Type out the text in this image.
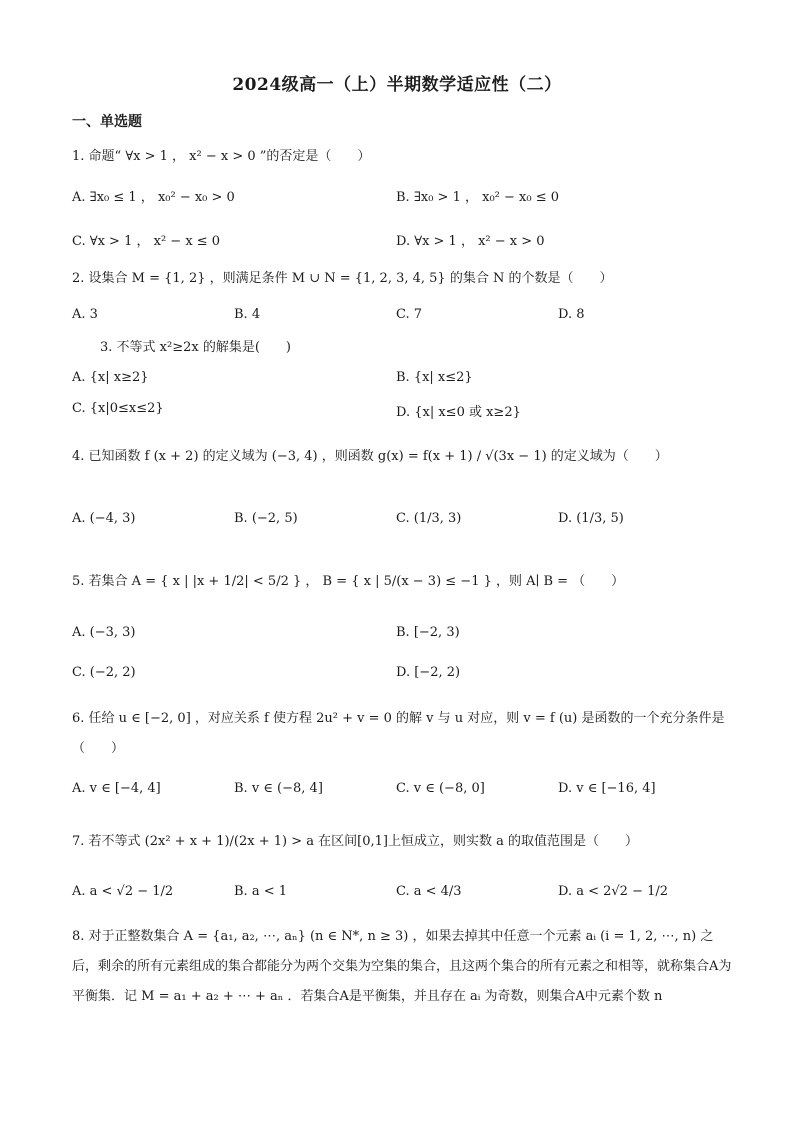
2024级高一（上）半期数学适应性（二）
一、单选题
1. 命题“ ∀x > 1 ， x² − x > 0 ”的否定是（　　）
A. ∃x₀ ≤ 1 ， x₀² − x₀ > 0	B. ∃x₀ > 1 ， x₀² − x₀ ≤ 0
C. ∀x > 1 ， x² − x ≤ 0	D. ∀x > 1 ， x² − x > 0
2. 设集合 M = {1, 2} ，则满足条件 M ∪ N = {1, 2, 3, 4, 5} 的集合 N 的个数是（　　）
A. 3	B. 4	C. 7	D. 8
3. 不等式 x²≥2x 的解集是(　　)
A. {x| x≥2}	B. {x| x≤2}
C. {x|0≤x≤2}	D. {x| x≤0 或 x≥2}
4. 已知函数 f (x + 2) 的定义域为 (−3, 4) ，则函数 g(x) = f(x + 1) / √(3x − 1) 的定义域为（　　）
A. (−4, 3)	B. (−2, 5)	C. (1/3, 3)	D. (1/3, 5)
5. 若集合 A = { x | |x + 1/2| < 5/2 } ， B = { x | 5/(x − 3) ≤ −1 } ，则 A∣ B = （　　）
A. (−3, 3)	B. [−2, 3)
C. (−2, 2)	D. [−2, 2)
6. 任给 u ∈ [−2, 0] ，对应关系 f 使方程 2u² + v = 0 的解 v 与 u 对应，则 v = f (u) 是函数的一个充分条件是（　　）
A. v ∈ [−4, 4]	B. v ∈ (−8, 4]	C. v ∈ (−8, 0]	D. v ∈ [−16, 4]
7. 若不等式 (2x² + x + 1)/(2x + 1) > a 在区间[0,1]上恒成立，则实数 a 的取值范围是（　　）
A. a < √2 − 1/2	B. a < 1	C. a < 4/3	D. a < 2√2 − 1/2
8. 对于正整数集合 A = {a₁, a₂, ⋯, aₙ} (n ∈ N*, n ≥ 3) ，如果去掉其中任意一个元素 aᵢ (i = 1, 2, ⋯, n) 之后，剩余的所有元素组成的集合都能分为两个交集为空集的集合，且这两个集合的所有元素之和相等，就称集合A为平衡集．记 M = a₁ + a₂ + ⋯ + aₙ ．若集合A是平衡集，并且存在 aᵢ 为奇数，则集合A中元素个数 n
